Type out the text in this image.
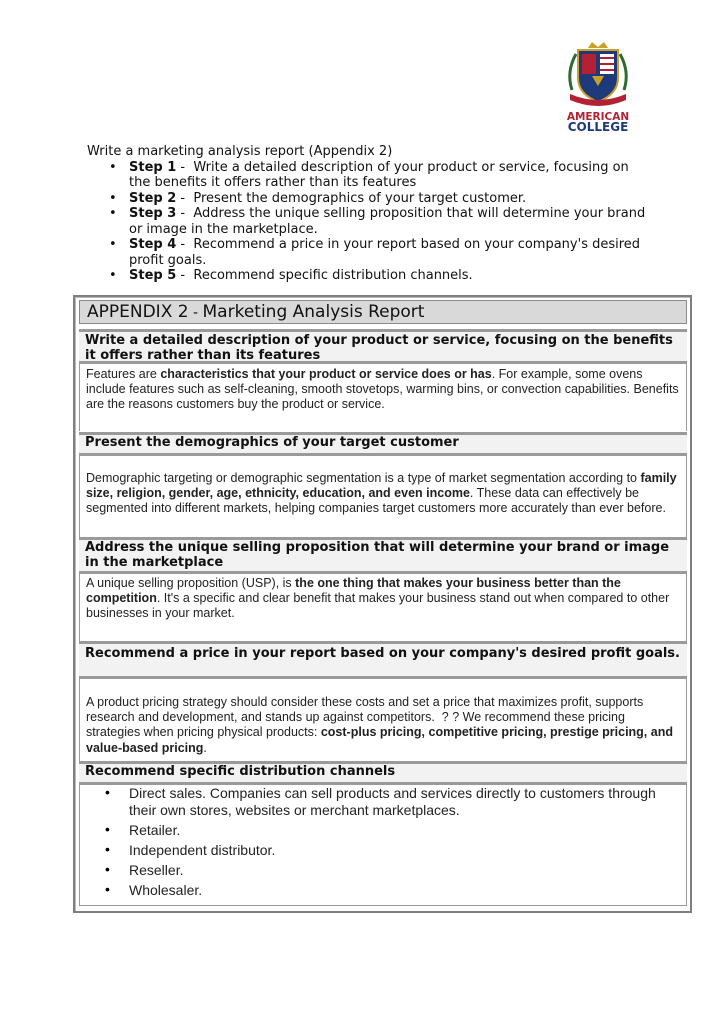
AMERICAN
COLLEGE

Write a marketing analysis report (Appendix 2)

• Step 1 -  Write a detailed description of your product or service, focusing on the benefits it offers rather than its features
• Step 2 -  Present the demographics of your target customer.
• Step 3 -  Address the unique selling proposition that will determine your brand or image in the marketplace.
• Step 4 -  Recommend a price in your report based on your company's desired profit goals.
• Step 5 -  Recommend specific distribution channels.
APPENDIX 2 - Marketing Analysis Report
Write a detailed description of your product or service, focusing on the benefits it offers rather than its features
Features are characteristics that your product or service does or has. For example, some ovens include features such as self-cleaning, smooth stovetops, warming bins, or convection capabilities. Benefits are the reasons customers buy the product or service.
Present the demographics of your target customer
Demographic targeting or demographic segmentation is a type of market segmentation according to family size, religion, gender, age, ethnicity, education, and even income. These data can effectively be segmented into different markets, helping companies target customers more accurately than ever before.
Address the unique selling proposition that will determine your brand or image in the marketplace
A unique selling proposition (USP), is the one thing that makes your business better than the competition. It's a specific and clear benefit that makes your business stand out when compared to other businesses in your market.
Recommend a price in your report based on your company's desired profit goals.
A product pricing strategy should consider these costs and set a price that maximizes profit, supports research and development, and stands up against competitors.  ? ? We recommend these pricing strategies when pricing physical products: cost-plus pricing, competitive pricing, prestige pricing, and value-based pricing.
Recommend specific distribution channels
• Direct sales. Companies can sell products and services directly to customers through their own stores, websites or merchant marketplaces.
• Retailer.
• Independent distributor.
• Reseller.
• Wholesaler.
